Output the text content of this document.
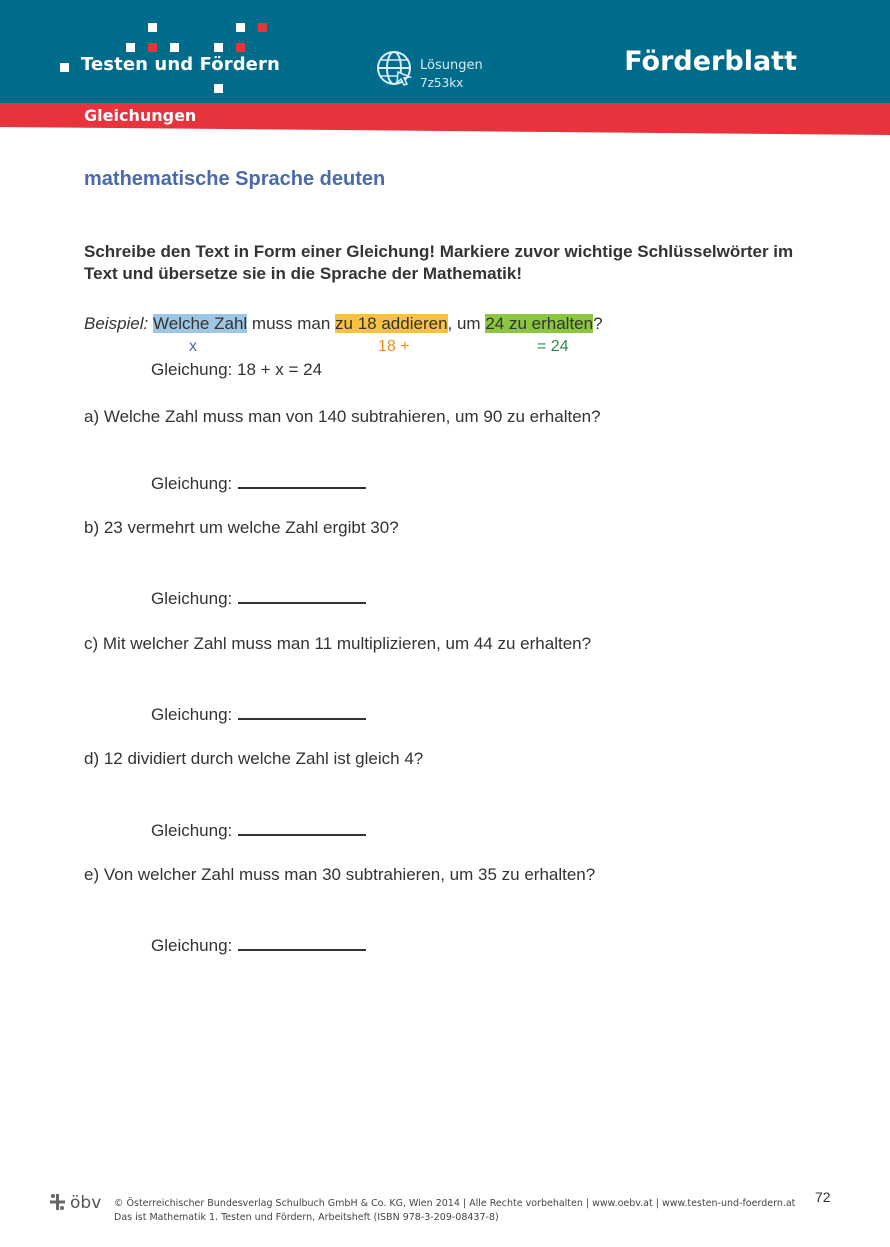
Testen und Fördern	Lösungen
7z53kx
Förderblatt
Gleichungen
mathematische Sprache deuten
Schreibe den Text in Form einer Gleichung! Markiere zuvor wichtige Schlüsselwörter im Text und übersetze sie in die Sprache der Mathematik!
Beispiel: Welche Zahl muss man zu 18 addieren, um 24 zu erhalten?
x	18 +	= 24
Gleichung: 18 + x = 24
a) Welche Zahl muss man von 140 subtrahieren, um 90 zu erhalten?
Gleichung:
b) 23 vermehrt um welche Zahl ergibt 30?
Gleichung:
c) Mit welcher Zahl muss man 11 multiplizieren, um 44 zu erhalten?
Gleichung:
d) 12 dividiert durch welche Zahl ist gleich 4?
Gleichung:
e) Von welcher Zahl muss man 30 subtrahieren, um 35 zu erhalten?
Gleichung:
öbv © Österreichischer Bundesverlag Schulbuch GmbH & Co. KG, Wien 2014 | Alle Rechte vorbehalten | www.oebv.at | www.testen-und-foerdern.at
Das ist Mathematik 1. Testen und Fördern, Arbeitsheft (ISBN 978-3-209-08437-8)
72
